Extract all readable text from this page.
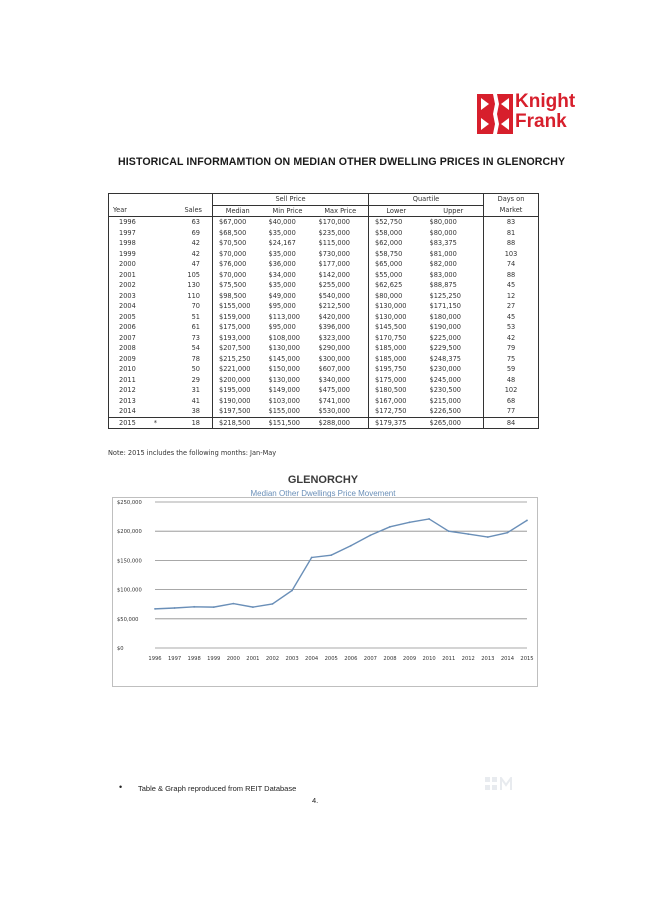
Knight
Frank
HISTORICAL INFORMAMTION ON MEDIAN OTHER DWELLING PRICES IN GLENORCHY
		Sell Price			Quartile		Days on
Year	Sales	Median	Min Price	Max Price	Lower	Upper	Market
1996	63	$67,000	$40,000	$170,000	$52,750	$80,000	83
1997	69	$68,500	$35,000	$235,000	$58,000	$80,000	81
1998	42	$70,500	$24,167	$115,000	$62,000	$83,375	88
1999	42	$70,000	$35,000	$730,000	$58,750	$81,000	103
2000	47	$76,000	$36,000	$177,000	$65,000	$82,000	74
2001	105	$70,000	$34,000	$142,000	$55,000	$83,000	88
2002	130	$75,500	$35,000	$255,000	$62,625	$88,875	45
2003	110	$98,500	$49,000	$540,000	$80,000	$125,250	12
2004	70	$155,000	$95,000	$212,500	$130,000	$171,150	27
2005	51	$159,000	$113,000	$420,000	$130,000	$180,000	45
2006	61	$175,000	$95,000	$396,000	$145,500	$190,000	53
2007	73	$193,000	$108,000	$323,000	$170,750	$225,000	42
2008	54	$207,500	$130,000	$290,000	$185,000	$229,500	79
2009	78	$215,250	$145,000	$300,000	$185,000	$248,375	75
2010	50	$221,000	$150,000	$607,000	$195,750	$230,000	59
2011	29	$200,000	$130,000	$340,000	$175,000	$245,000	48
2012	31	$195,000	$149,000	$475,000	$180,500	$230,500	102
2013	41	$190,000	$103,000	$741,000	$167,000	$215,000	68
2014	38	$197,500	$155,000	$530,000	$172,750	$226,500	77
2015 *	18	$218,500	$151,500	$288,000	$179,375	$265,000	84
Note: 2015 includes the following months: Jan-May
GLENORCHY
Median Other Dwellings Price Movement
$0
$50,000
$100,000
$150,000
$200,000
$250,000
1996 1997 1998 1999 2000 2001 2002 2003 2004 2005 2006 2007 2008 2009 2010 2011 2012 2013 2014 2015
• Table & Graph reproduced from REIT Database
4.
